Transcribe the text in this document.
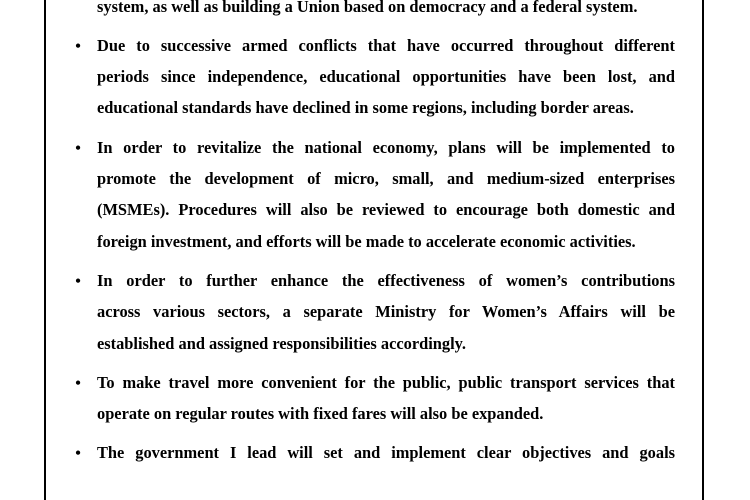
system, as well as building a Union based on democracy and a federal system.

• Due to successive armed conflicts that have occurred throughout different

periods since independence, educational opportunities have been lost, and

educational standards have declined in some regions, including border areas.

• In order to revitalize the national economy, plans will be implemented to

promote the development of micro, small, and medium-sized enterprises

(MSMEs). Procedures will also be reviewed to encourage both domestic and

foreign investment, and efforts will be made to accelerate economic activities.

• In order to further enhance the effectiveness of women’s contributions

across various sectors, a separate Ministry for Women’s Affairs will be

established and assigned responsibilities accordingly.

• To make travel more convenient for the public, public transport services that

operate on regular routes with fixed fares will also be expanded.

• The government I lead will set and implement clear objectives and goals
